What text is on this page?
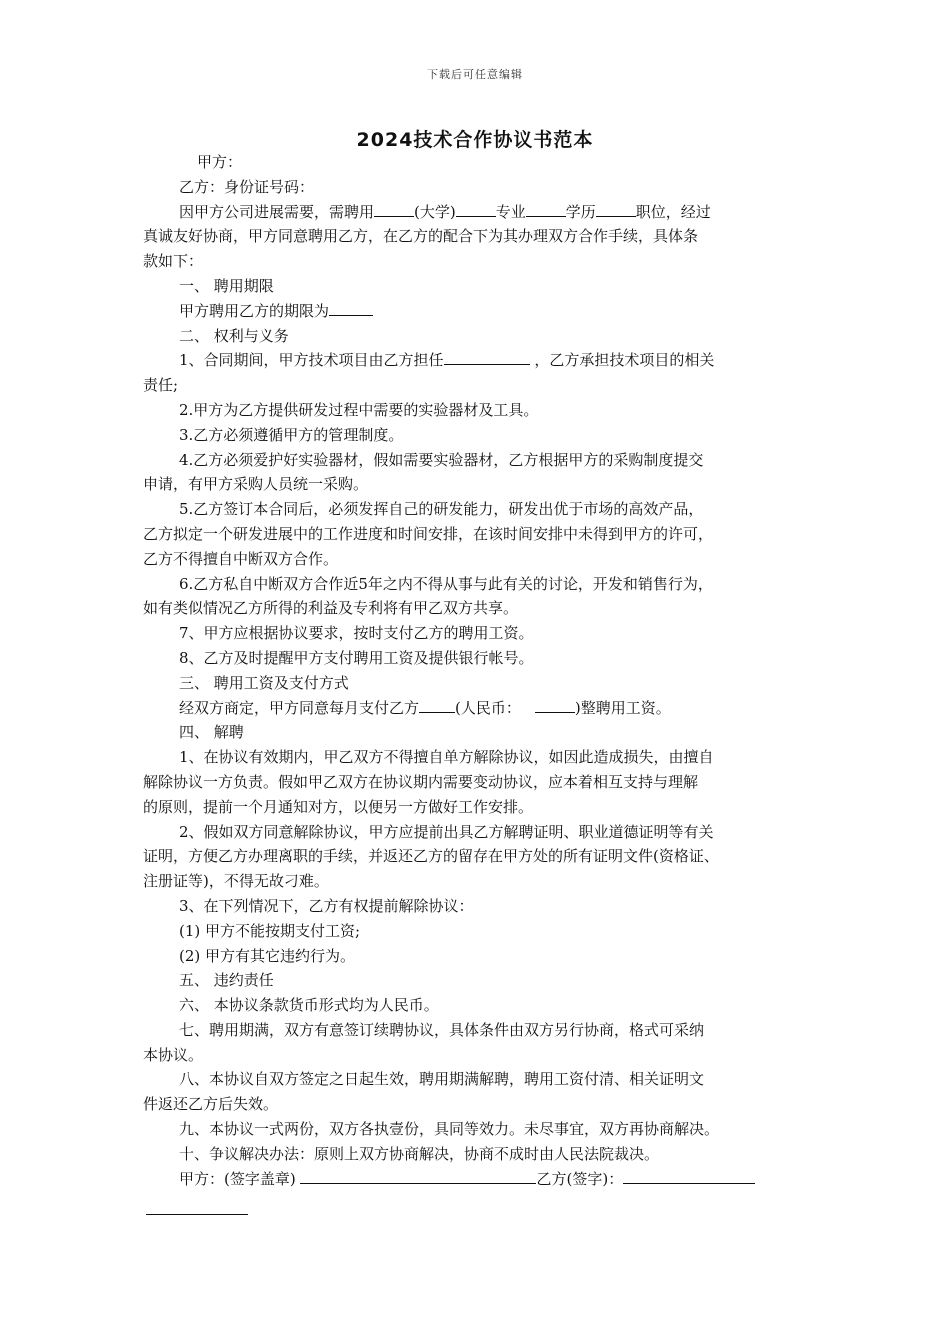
下载后可任意编辑
2024技术合作协议书范本

甲方：

乙方：身份证号码：

因甲方公司进展需要，需聘用	(大学)	专业	学历	职位，经过

真诚友好协商，甲方同意聘用乙方，在乙方的配合下为其办理双方合作手续，具体条

款如下：

一、 聘用期限

甲方聘用乙方的期限为

二、 权利与义务

1、合同期间，甲方技术项目由乙方担任	，乙方承担技术项目的相关

责任;

2.甲方为乙方提供研发过程中需要的实验器材及工具。

3.乙方必须遵循甲方的管理制度。

4.乙方必须爱护好实验器材，假如需要实验器材，乙方根据甲方的采购制度提交

申请，有甲方采购人员统一采购。

5.乙方签订本合同后，必须发挥自己的研发能力，研发出优于市场的高效产品，

乙方拟定一个研发进展中的工作进度和时间安排，在该时间安排中未得到甲方的许可，

乙方不得擅自中断双方合作。

6.乙方私自中断双方合作近5年之内不得从事与此有关的讨论，开发和销售行为，

如有类似情况乙方所得的利益及专利将有甲乙双方共享。

7、甲方应根据协议要求，按时支付乙方的聘用工资。

8、乙方及时提醒甲方支付聘用工资及提供银行帐号。

三、 聘用工资及支付方式

经双方商定，甲方同意每月支付乙方 (人民币：	)整聘用工资。

四、 解聘

1、在协议有效期内，甲乙双方不得擅自单方解除协议，如因此造成损失，由擅自

解除协议一方负责。假如甲乙双方在协议期内需要变动协议，应本着相互支持与理解

的原则，提前一个月通知对方，以便另一方做好工作安排。

2、假如双方同意解除协议，甲方应提前出具乙方解聘证明、职业道德证明等有关

证明，方便乙方办理离职的手续，并返还乙方的留存在甲方处的所有证明文件(资格证、

注册证等)，不得无故刁难。

3、在下列情况下，乙方有权提前解除协议：

(1) 甲方不能按期支付工资;

(2) 甲方有其它违约行为。

五、 违约责任

六、 本协议条款货币形式均为人民币。

七、聘用期满，双方有意签订续聘协议，具体条件由双方另行协商，格式可采纳

本协议。

八、本协议自双方签定之日起生效，聘用期满解聘，聘用工资付清、相关证明文

件返还乙方后失效。

九、本协议一式两份，双方各执壹份，具同等效力。未尽事宜，双方再协商解决。

十、争议解决办法：原则上双方协商解决，协商不成时由人民法院裁决。

甲方：(签字盖章)	乙方(签字)：
